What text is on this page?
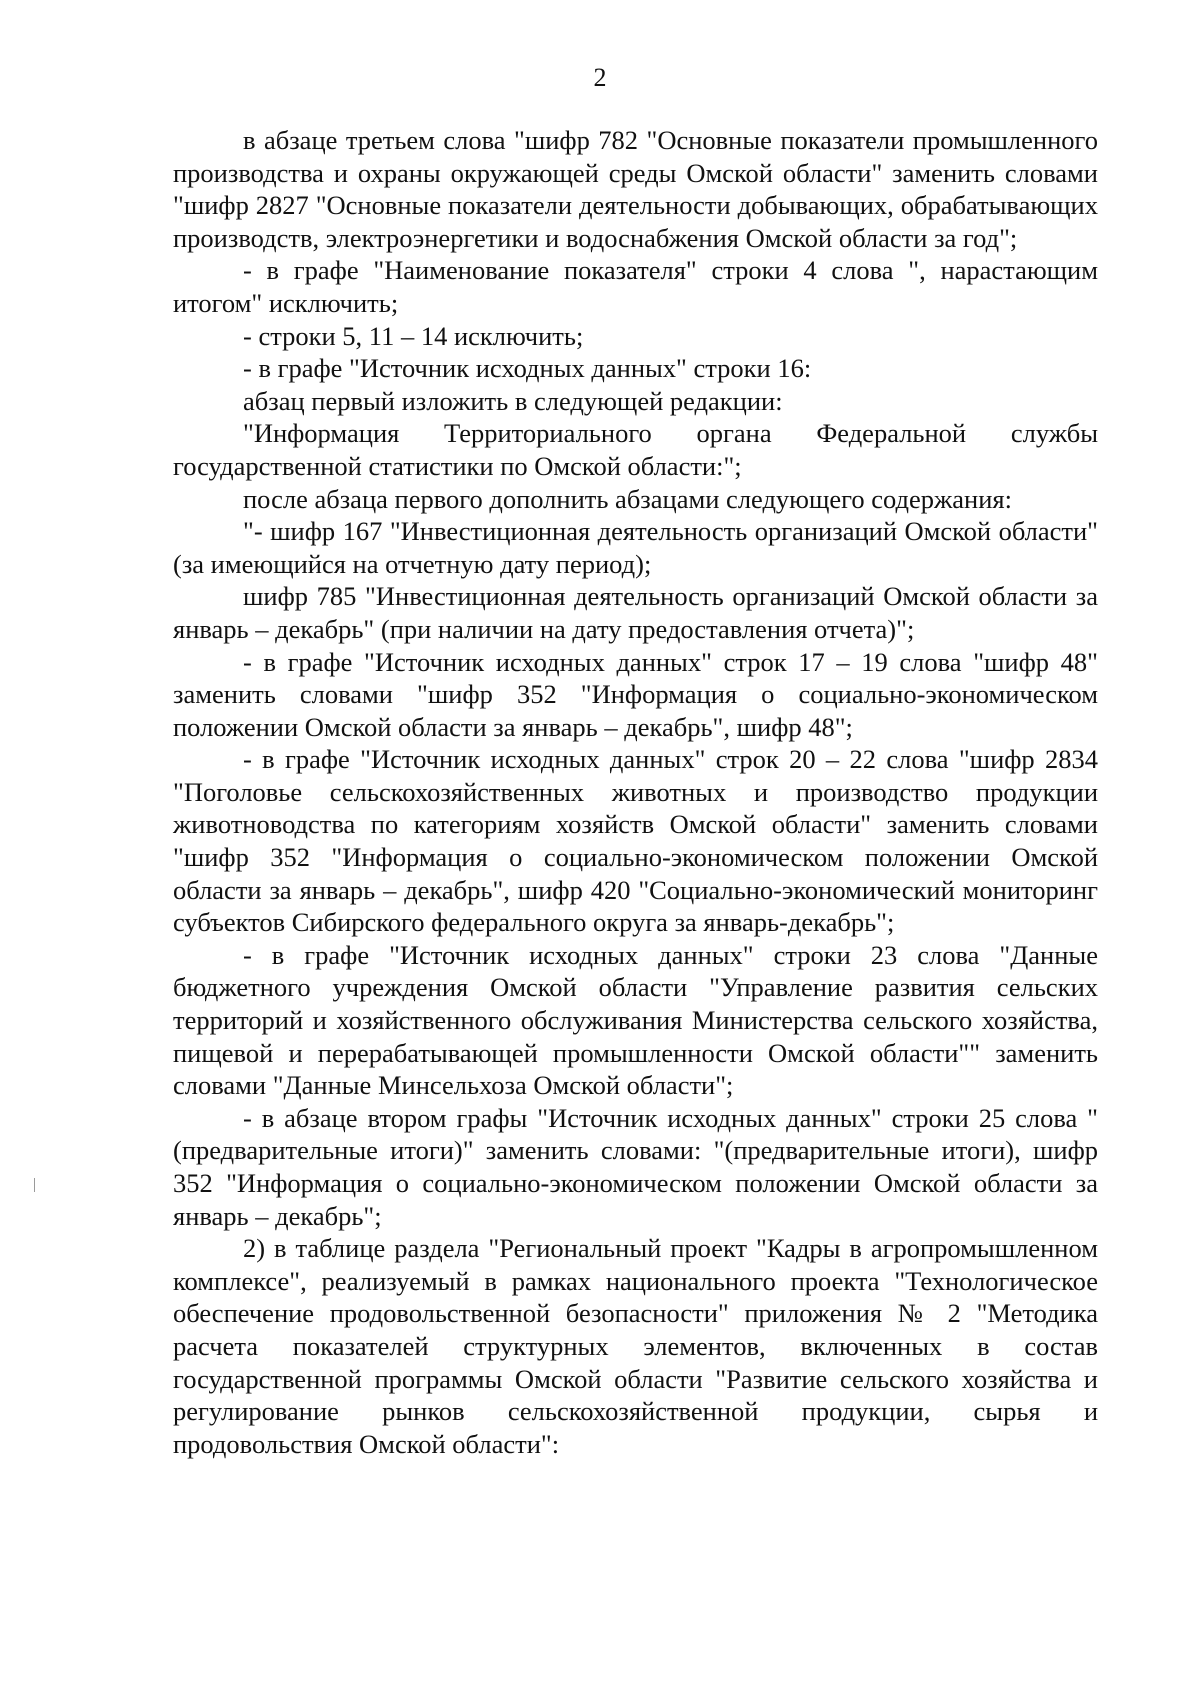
2

в абзаце третьем слова "шифр 782 "Основные показатели промышленного производства и охраны окружающей среды Омской области" заменить словами "шифр 2827 "Основные показатели деятельности добывающих, обрабатывающих производств, электроэнергетики и водоснабжения Омской области за год";

- в графе "Наименование показателя" строки 4 слова ", нарастающим итогом" исключить;

- строки 5, 11 – 14 исключить;

- в графе "Источник исходных данных" строки 16:

абзац первый изложить в следующей редакции:

"Информация Территориального органа Федеральной службы государственной статистики по Омской области:";

после абзаца первого дополнить абзацами следующего содержания:

"- шифр 167 "Инвестиционная деятельность организаций Омской области" (за имеющийся на отчетную дату период);

шифр 785 "Инвестиционная деятельность организаций Омской области за январь – декабрь" (при наличии на дату предоставления отчета)";

- в графе "Источник исходных данных" строк 17 – 19 слова "шифр 48" заменить словами "шифр 352 "Информация о социально-экономическом положении Омской области за январь – декабрь", шифр 48";

- в графе "Источник исходных данных" строк 20 – 22 слова "шифр 2834 "Поголовье сельскохозяйственных животных и производство продукции животноводства по категориям хозяйств Омской области" заменить словами "шифр 352 "Информация о социально-экономическом положении Омской области за январь – декабрь", шифр 420 "Социально-экономический мониторинг субъектов Сибирского федерального округа за январь-декабрь";

- в графе "Источник исходных данных" строки 23 слова "Данные бюджетного учреждения Омской области "Управление развития сельских территорий и хозяйственного обслуживания Министерства сельского хозяйства, пищевой и перерабатывающей промышленности Омской области"" заменить словами "Данные Минсельхоза Омской области";

- в абзаце втором графы "Источник исходных данных" строки 25 слова "(предварительные итоги)" заменить словами: "(предварительные итоги), шифр 352 "Информация о социально-экономическом положении Омской области за январь – декабрь";

2) в таблице раздела "Региональный проект "Кадры в агропромышленном комплексе", реализуемый в рамках национального проекта "Технологическое обеспечение продовольственной безопасности" приложения № 2 "Методика расчета показателей структурных элементов, включенных в состав государственной программы Омской области "Развитие сельского хозяйства и регулирование рынков сельскохозяйственной продукции, сырья и продовольствия Омской области":
